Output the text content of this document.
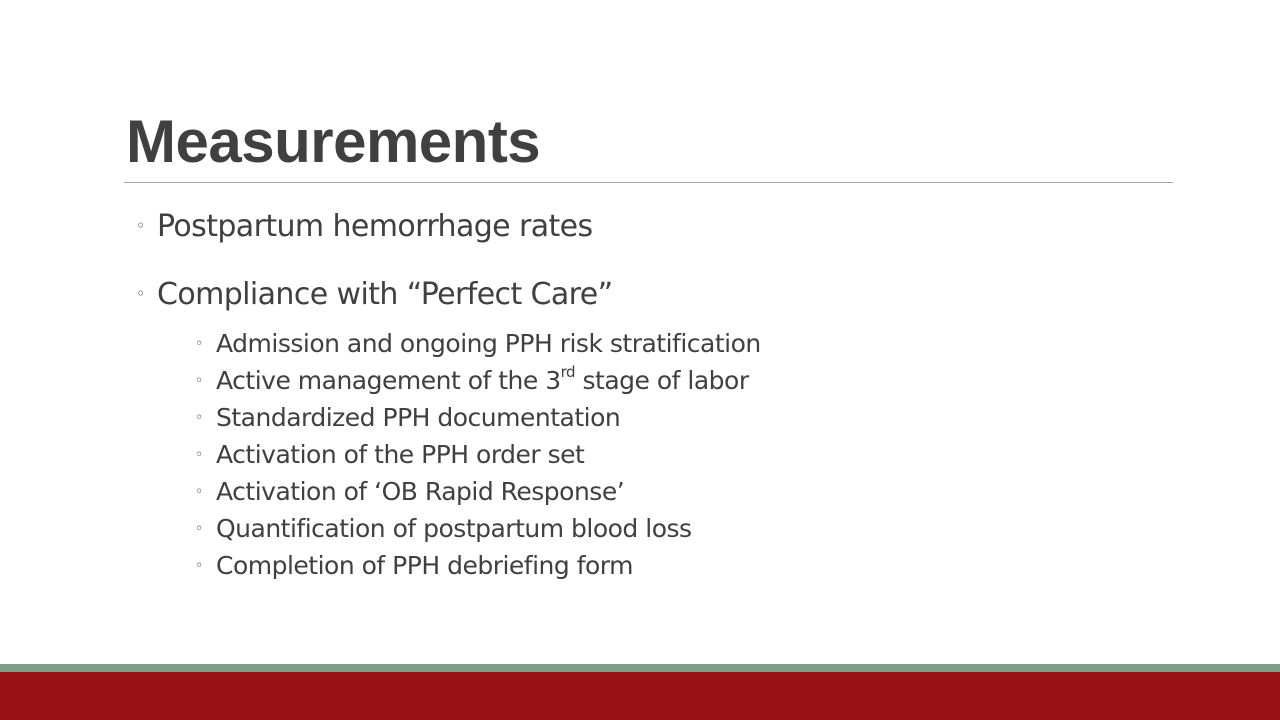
Measurements
◦ Postpartum hemorrhage rates
◦ Compliance with “Perfect Care”
◦ Admission and ongoing PPH risk stratification
◦ Active management of the 3rd stage of labor
◦ Standardized PPH documentation
◦ Activation of the PPH order set
◦ Activation of ‘OB Rapid Response’
◦ Quantification of postpartum blood loss
◦ Completion of PPH debriefing form
